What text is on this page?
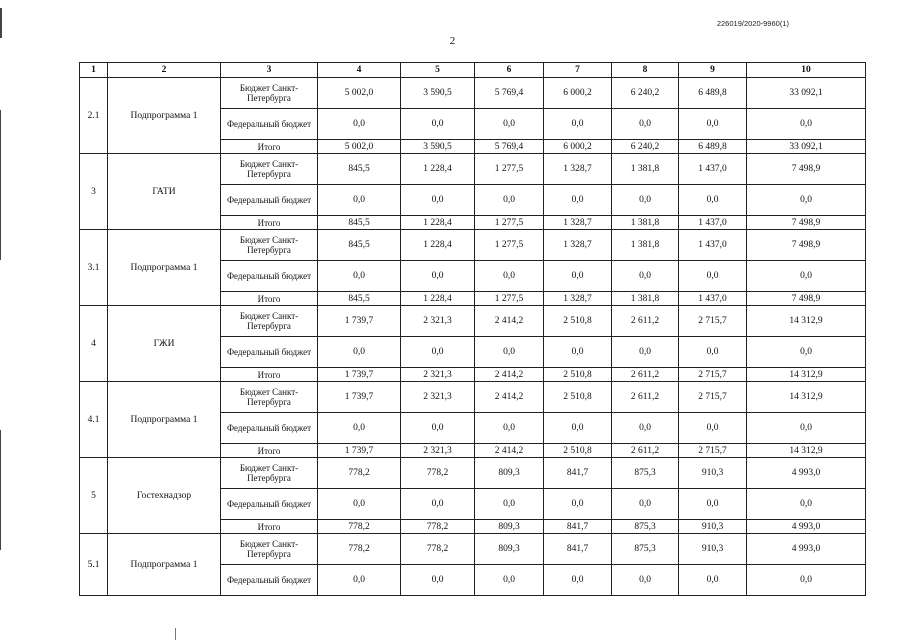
226019/2020-9960(1)
2
1	2	3	4	5	6	7	8	9	10
2.1	Подпрограмма 1	Бюджет Санкт-Петербурга	5 002,0	3 590,5	5 769,4	6 000,2	6 240,2	6 489,8	33 092,1
		Федеральный бюджет	0,0	0,0	0,0	0,0	0,0	0,0	0,0
		Итого	5 002,0	3 590,5	5 769,4	6 000,2	6 240,2	6 489,8	33 092,1
3	ГАТИ	Бюджет Санкт-Петербурга	845,5	1 228,4	1 277,5	1 328,7	1 381,8	1 437,0	7 498,9
		Федеральный бюджет	0,0	0,0	0,0	0,0	0,0	0,0	0,0
		Итого	845,5	1 228,4	1 277,5	1 328,7	1 381,8	1 437,0	7 498,9
3.1	Подпрограмма 1	Бюджет Санкт-Петербурга	845,5	1 228,4	1 277,5	1 328,7	1 381,8	1 437,0	7 498,9
		Федеральный бюджет	0,0	0,0	0,0	0,0	0,0	0,0	0,0
		Итого	845,5	1 228,4	1 277,5	1 328,7	1 381,8	1 437,0	7 498,9
4	ГЖИ	Бюджет Санкт-Петербурга	1 739,7	2 321,3	2 414,2	2 510,8	2 611,2	2 715,7	14 312,9
		Федеральный бюджет	0,0	0,0	0,0	0,0	0,0	0,0	0,0
		Итого	1 739,7	2 321,3	2 414,2	2 510,8	2 611,2	2 715,7	14 312,9
4.1	Подпрограмма 1	Бюджет Санкт-Петербурга	1 739,7	2 321,3	2 414,2	2 510,8	2 611,2	2 715,7	14 312,9
		Федеральный бюджет	0,0	0,0	0,0	0,0	0,0	0,0	0,0
		Итого	1 739,7	2 321,3	2 414,2	2 510,8	2 611,2	2 715,7	14 312,9
5	Гостехнадзор	Бюджет Санкт-Петербурга	778,2	778,2	809,3	841,7	875,3	910,3	4 993,0
		Федеральный бюджет	0,0	0,0	0,0	0,0	0,0	0,0	0,0
		Итого	778,2	778,2	809,3	841,7	875,3	910,3	4 993,0
5.1	Подпрограмма 1	Бюджет Санкт-Петербурга	778,2	778,2	809,3	841,7	875,3	910,3	4 993,0
		Федеральный бюджет	0,0	0,0	0,0	0,0	0,0	0,0	0,0
